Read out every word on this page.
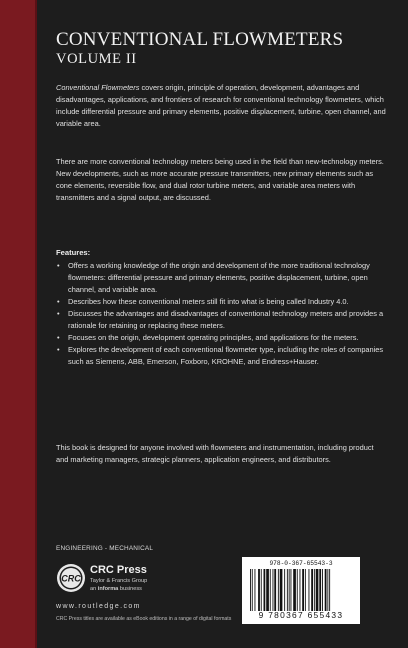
CONVENTIONAL FLOWMETERS
VOLUME II

Conventional Flowmeters covers origin, principle of operation, development, advantages and disadvantages, applications, and frontiers of research for conventional technology flowmeters, which include differential pressure and primary elements, positive displacement, turbine, open channel, and variable area.

There are more conventional technology meters being used in the field than new-technology meters. New developments, such as more accurate pressure transmitters, new primary elements such as cone elements, reversible flow, and dual rotor turbine meters, and variable area meters with transmitters and a signal output, are discussed.

Features:
• Offers a working knowledge of the origin and development of the more traditional technology flowmeters: differential pressure and primary elements, positive displacement, turbine, open channel, and variable area.
• Describes how these conventional meters still fit into what is being called Industry 4.0.
• Discusses the advantages and disadvantages of conventional technology meters and provides a rationale for retaining or replacing these meters.
• Focuses on the origin, development operating principles, and applications for the meters.
• Explores the development of each conventional flowmeter type, including the roles of companies such as Siemens, ABB, Emerson, Foxboro, KROHNE, and Endress+Hauser.

This book is designed for anyone involved with flowmeters and instrumentation, including product and marketing managers, strategic planners, application engineers, and distributors.

ENGINEERING - MECHANICAL
CRC
CRC Press
Taylor & Francis Group
an informa business
www.routledge.com
CRC Press titles are available as eBook editions in a range of digital formats
978-0-367-65543-3
9 780367 655433
